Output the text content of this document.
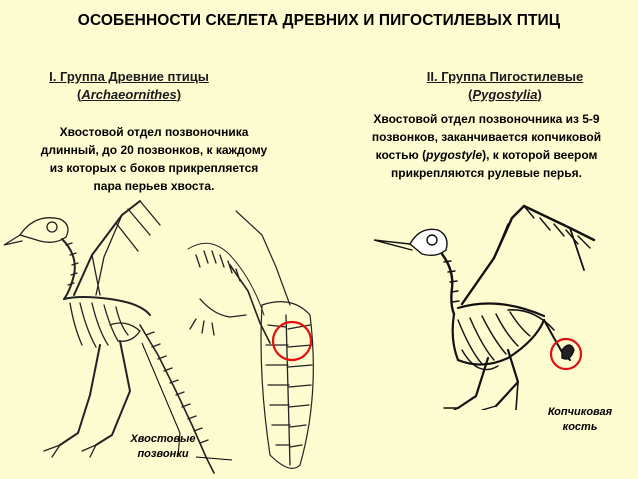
ОСОБЕННОСТИ СКЕЛЕТА ДРЕВНИХ И ПИГОСТИЛЕВЫХ ПТИЦ
I. Группа Древние птицы
(Archaeornithes)
II. Группа Пигостилевые
(Pygostylia)
Хвостовой отдел позвоночника
длинный, до 20 позвонков, к каждому
из которых с боков прикрепляется
пара перьев хвоста.
Хвостовой отдел позвоночника из 5-9
позвонков, заканчивается копчиковой
костью (pygostyle), к которой веером
прикрепляются рулевые перья.
Хвостовые
позвонки
Копчиковая
кость
